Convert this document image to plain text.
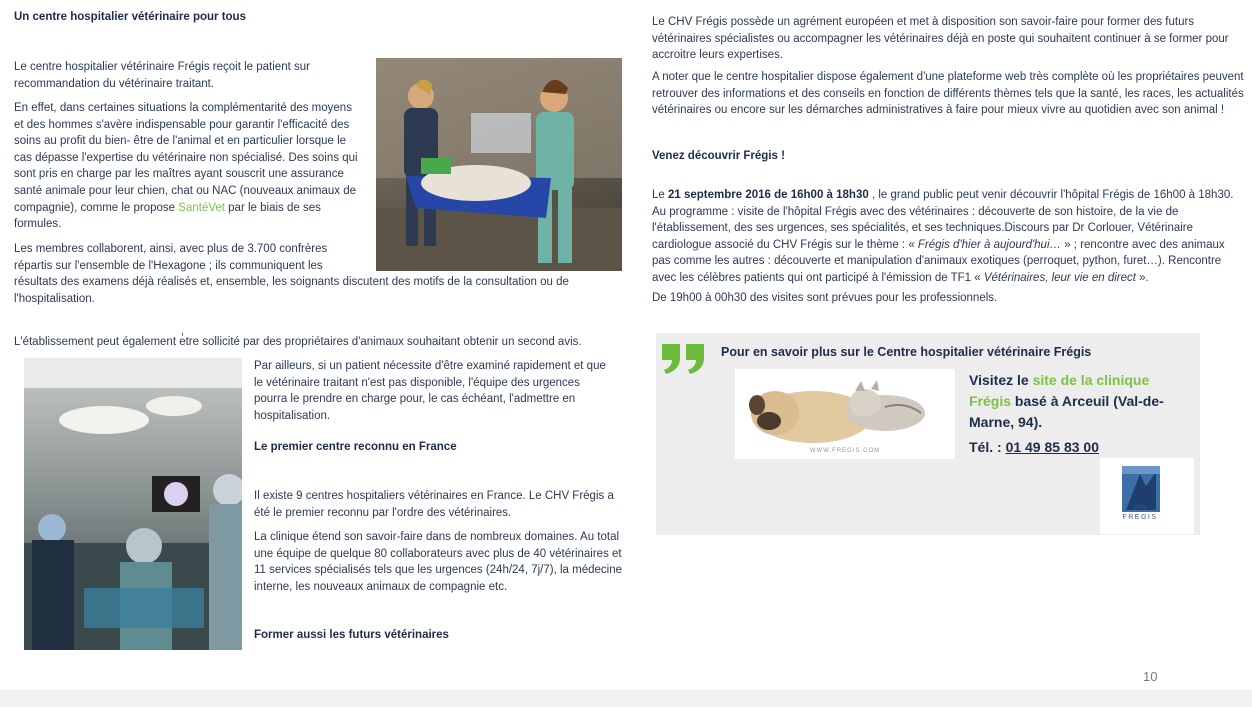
Un centre hospitalier vétérinaire pour tous

Le centre hospitalier vétérinaire Frégis reçoit le patient sur recommandation du vétérinaire traitant.

En effet, dans certaines situations la complémentarité des moyens et des hommes s'avère indispensable pour garantir l'efficacité des soins au profit du bien- être de l'animal et en particulier lorsque le cas dépasse l'expertise du vétérinaire non spécialisé. Des soins qui sont pris en charge par les maîtres ayant souscrit une assurance santé animale pour leur chien, chat ou NAC (nouveaux animaux de compagnie), comme le propose SantéVet par le biais de ses formules.

Les membres collaborent, ainsi, avec plus de 3.700 confrères répartis sur l'ensemble de l'Hexagone ; ils communiquent les

résultats des examens déjà réalisés et, ensemble, les soignants discutent des motifs de la consultation ou de l'hospitalisation.

L'établissement peut également e̓tre sollicité par des propriétaires d'animaux souhaitant obtenir un second avis.

Par ailleurs, si un patient nécessite d'être examiné rapidement et que le vétérinaire traitant n'est pas disponible, l'équipe des urgences pourra le prendre en charge pour, le cas échéant, l'admettre en hospitalisation.

Le premier centre reconnu en France

Il existe 9 centres hospitaliers vétérinaires en France. Le CHV Frégis a été le premier reconnu par l'ordre des vétérinaires.

La clinique étend son savoir-faire dans de nombreux domaines. Au total une équipe de quelque 80 collaborateurs avec plus de 40 vétérinaires et 11 services spécialisés tels que les urgences (24h/24, 7j/7), la médecine interne, les nouveaux animaux de compagnie etc.

Former aussi les futurs vétérinaires

Le CHV Frégis possède un agrément européen et met à disposition son savoir-faire pour former des futurs vétérinaires spécialistes ou accompagner les vétérinaires déjà en poste qui souhaitent continuer à se former pour accroitre leurs expertises.

A noter que le centre hospitalier dispose également d'une plateforme web très complète où les propriétaires peuvent retrouver des informations et des conseils en fonction de différents thèmes tels que la santé, les races, les actualités vétérinaires ou encore sur les démarches administratives à faire pour mieux vivre au quotidien avec son animal !

Venez découvrir Frégis !

Le 21 septembre 2016 de 16h00 à 18h30 , le grand public peut venir découvrir l'hôpital Frégis de 16h00 à 18h30. Au programme : visite de l'hôpital Frégis avec des vétérinaires : découverte de son histoire, de la vie de l'établissement, des ses urgences, ses spécialités, et ses techniques.Discours par Dr Corlouer, Vétérinaire cardiologue associé du CHV Frégis sur le thème : « Frégis d'hier à aujourd'hui… » ; rencontre avec des animaux pas comme les autres : découverte et manipulation d'animaux exotiques (perroquet, python, furet…). Rencontre avec les célèbres patients qui ont participé à l'émission de TF1 « Vétérinaires, leur vie en direct ».

De 19h00 à 00h30 des visites sont prévues pour les professionnels.

Pour en savoir plus sur le Centre hospitalier vétérinaire Frégis
WWW.FREGIS.COM
Visitez le site de la clinique
Frégis basé à Arceuil (Val-de-Marne, 94).
Tél. : 01 49 85 83 00
CHV
FREGIS
10
